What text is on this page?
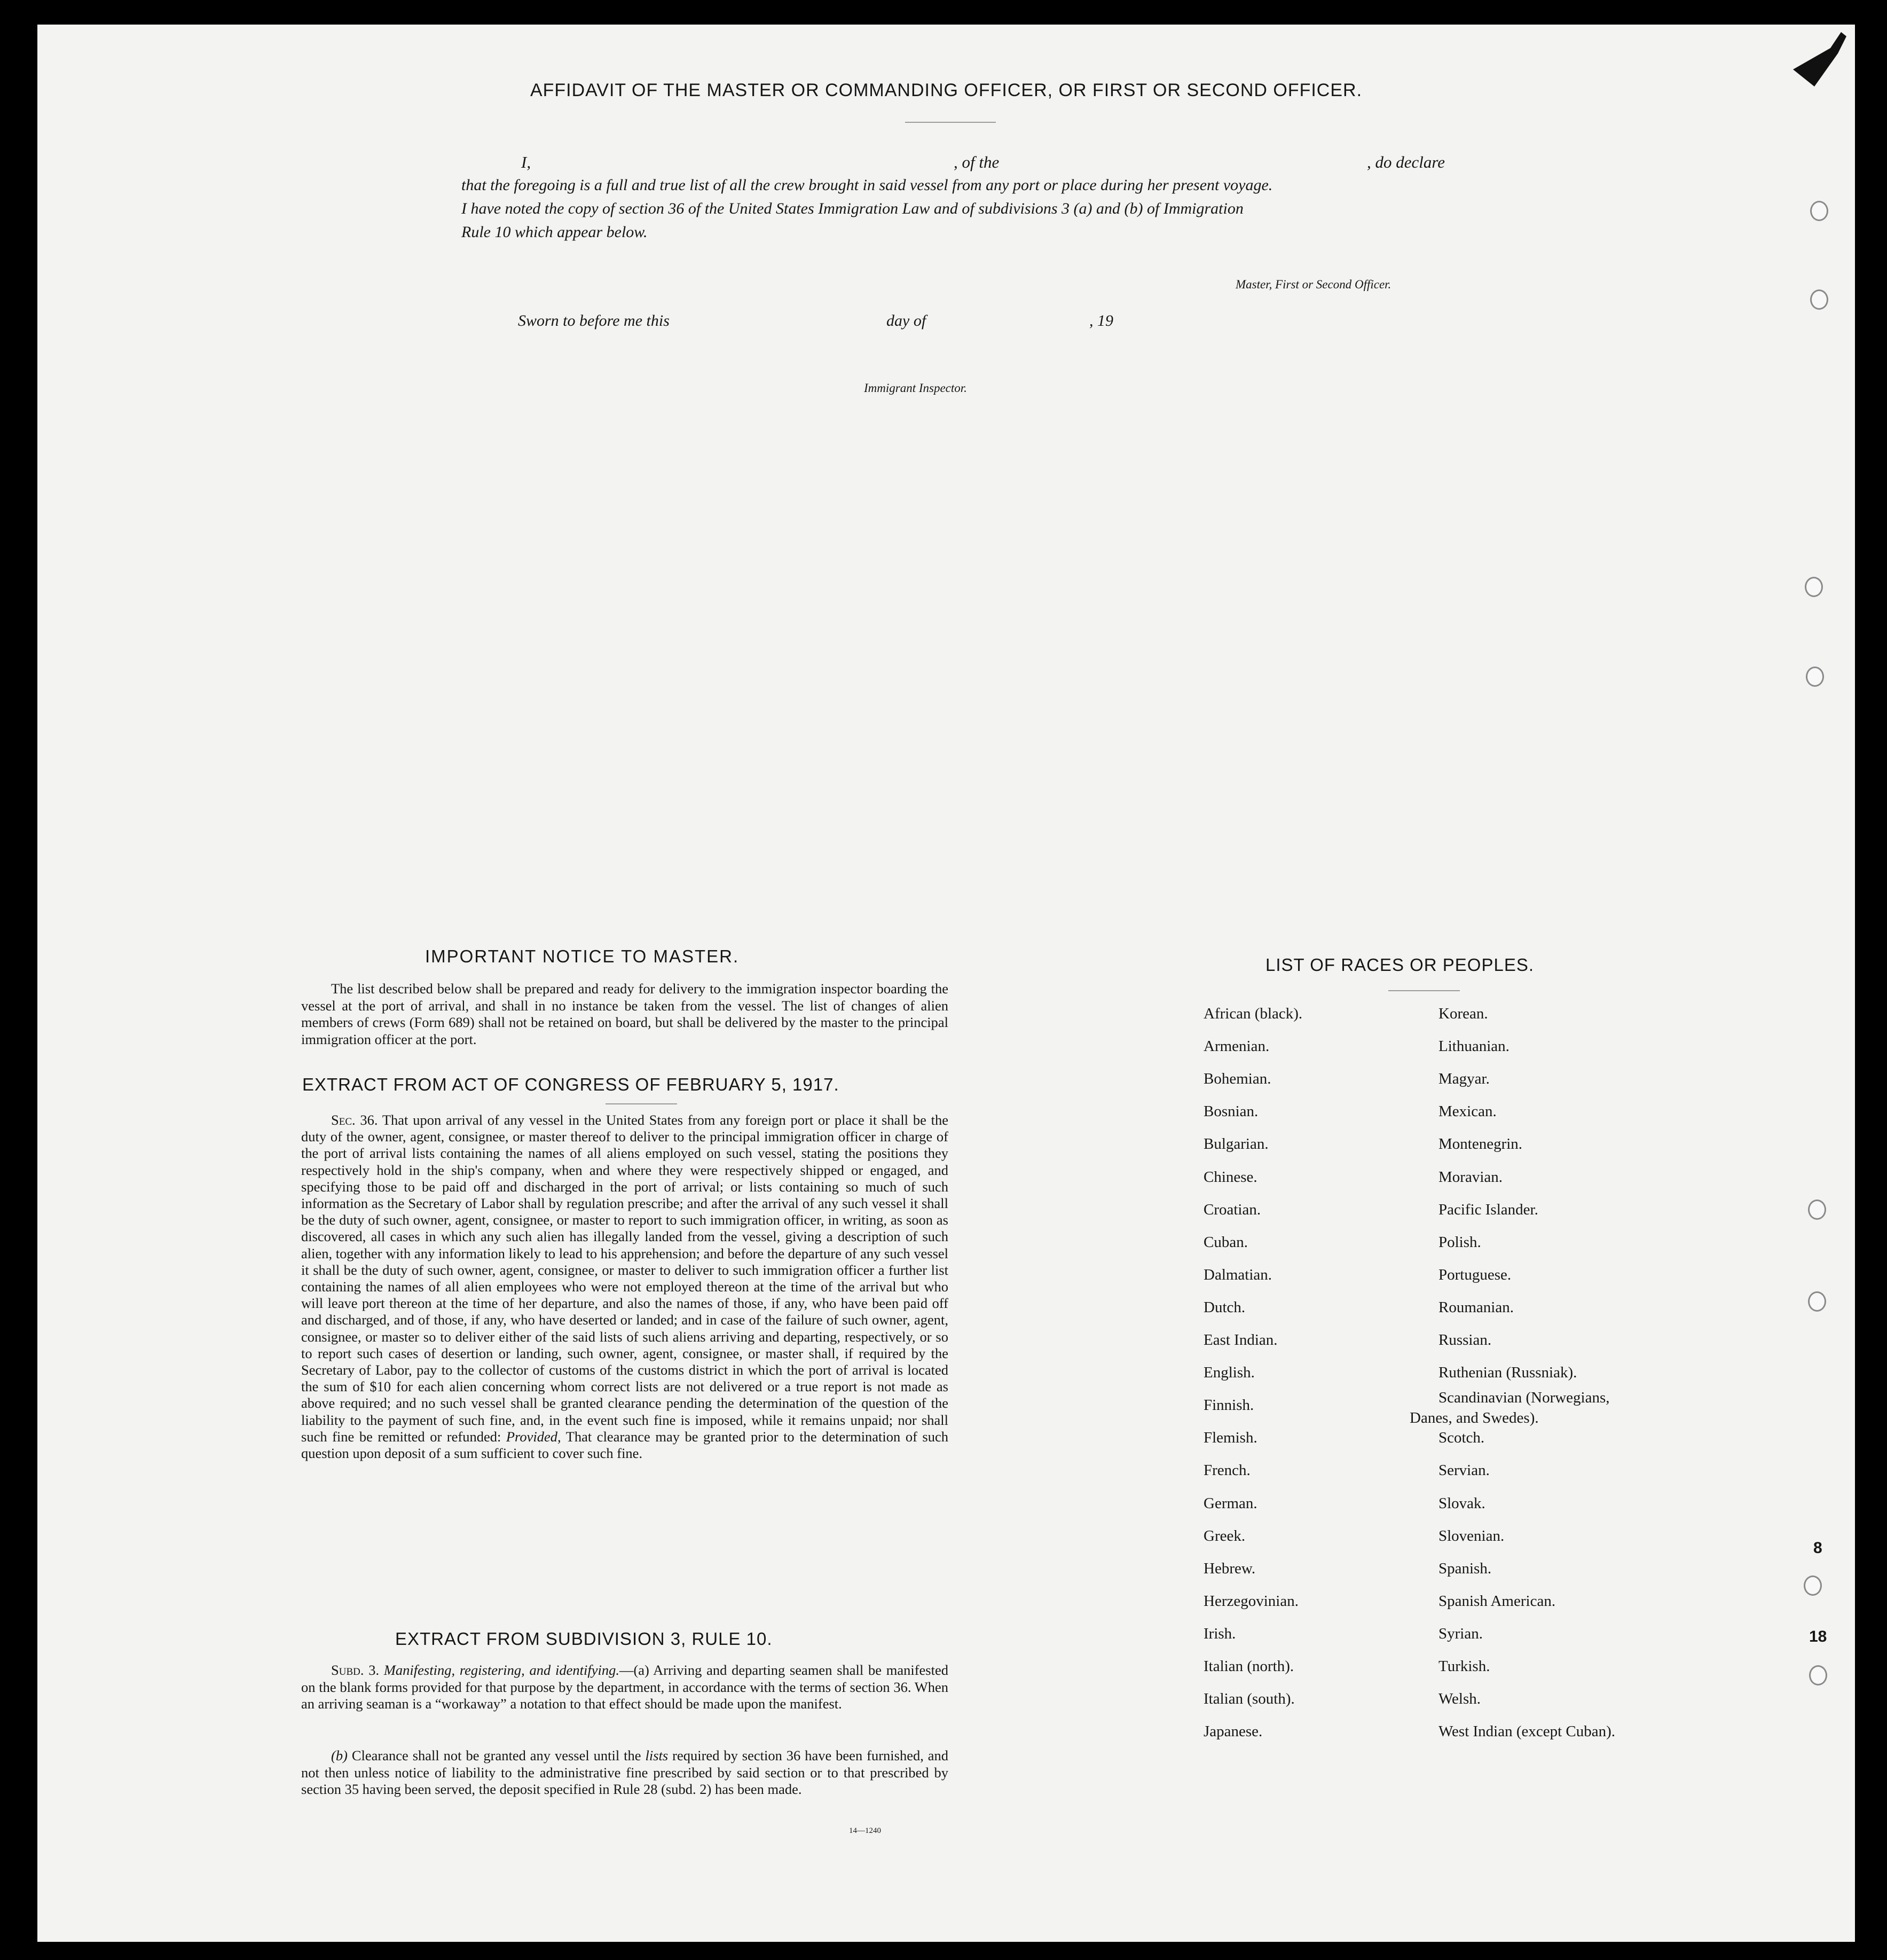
AFFIDAVIT OF THE MASTER OR COMMANDING OFFICER, OR FIRST OR SECOND OFFICER.
I,	, of the	, do declare
that the foregoing is a full and true list of all the crew brought in said vessel from any port or place during her present voyage.
I have noted the copy of section 36 of the United States Immigration Law and of subdivisions 3 (a) and (b) of Immigration
Rule 10 which appear below.
Master, First or Second Officer.
Sworn to before me this	day of	, 19
Immigrant Inspector.
IMPORTANT NOTICE TO MASTER.
The list described below shall be prepared and ready for delivery to the immigration inspector boarding the vessel at the port of arrival, and shall in no instance be taken from the vessel. The list of changes of alien members of crews (Form 689) shall not be retained on board, but shall be delivered by the master to the principal immigration officer at the port.
EXTRACT FROM ACT OF CONGRESS OF FEBRUARY 5, 1917.
Sec. 36. That upon arrival of any vessel in the United States from any foreign port or place it shall be the duty of the owner, agent, consignee, or master thereof to deliver to the principal immigration officer in charge of the port of arrival lists containing the names of all aliens employed on such vessel, stating the positions they respectively hold in the ship's company, when and where they were respectively shipped or engaged, and specifying those to be paid off and discharged in the port of arrival; or lists containing so much of such information as the Secretary of Labor shall by regulation prescribe; and after the arrival of any such vessel it shall be the duty of such owner, agent, consignee, or master to report to such immigration officer, in writing, as soon as discovered, all cases in which any such alien has illegally landed from the vessel, giving a description of such alien, together with any information likely to lead to his apprehension; and before the departure of any such vessel it shall be the duty of such owner, agent, consignee, or master to deliver to such immigration officer a further list containing the names of all alien employees who were not employed thereon at the time of the arrival but who will leave port thereon at the time of her departure, and also the names of those, if any, who have been paid off and discharged, and of those, if any, who have deserted or landed; and in case of the failure of such owner, agent, consignee, or master so to deliver either of the said lists of such aliens arriving and departing, respectively, or so to report such cases of desertion or landing, such owner, agent, consignee, or master shall, if required by the Secretary of Labor, pay to the collector of customs of the customs district in which the port of arrival is located the sum of $10 for each alien concerning whom correct lists are not delivered or a true report is not made as above required; and no such vessel shall be granted clearance pending the determination of the question of the liability to the payment of such fine, and, in the event such fine is imposed, while it remains unpaid; nor shall such fine be remitted or refunded: Provided, That clearance may be granted prior to the determination of such question upon deposit of a sum sufficient to cover such fine.
EXTRACT FROM SUBDIVISION 3, RULE 10.
Subd. 3. Manifesting, registering, and identifying.—(a) Arriving and departing seamen shall be manifested on the blank forms provided for that purpose by the department, in accordance with the terms of section 36. When an arriving seaman is a “workaway” a notation to that effect should be made upon the manifest.
(b) Clearance shall not be granted any vessel until the lists required by section 36 have been furnished, and not then unless notice of liability to the administrative fine prescribed by said section or to that prescribed by section 35 having been served, the deposit specified in Rule 28 (subd. 2) has been made.
14—1240
LIST OF RACES OR PEOPLES.
African (black).
Armenian.
Bohemian.
Bosnian.
Bulgarian.
Chinese.
Croatian.
Cuban.
Dalmatian.
Dutch.
East Indian.
English.
Finnish.
Flemish.
French.
German.
Greek.
Hebrew.
Herzegovinian.
Irish.
Italian (north).
Italian (south).
Japanese.
Korean.
Lithuanian.
Magyar.
Mexican.
Montenegrin.
Moravian.
Pacific Islander.
Polish.
Portuguese.
Roumanian.
Russian.
Ruthenian (Russniak).
Scandinavian (Norwegians,
Danes, and Swedes).
Scotch.
Servian.
Slovak.
Slovenian.
Spanish.
Spanish American.
Syrian.
Turkish.
Welsh.
West Indian (except Cuban).
8
18
